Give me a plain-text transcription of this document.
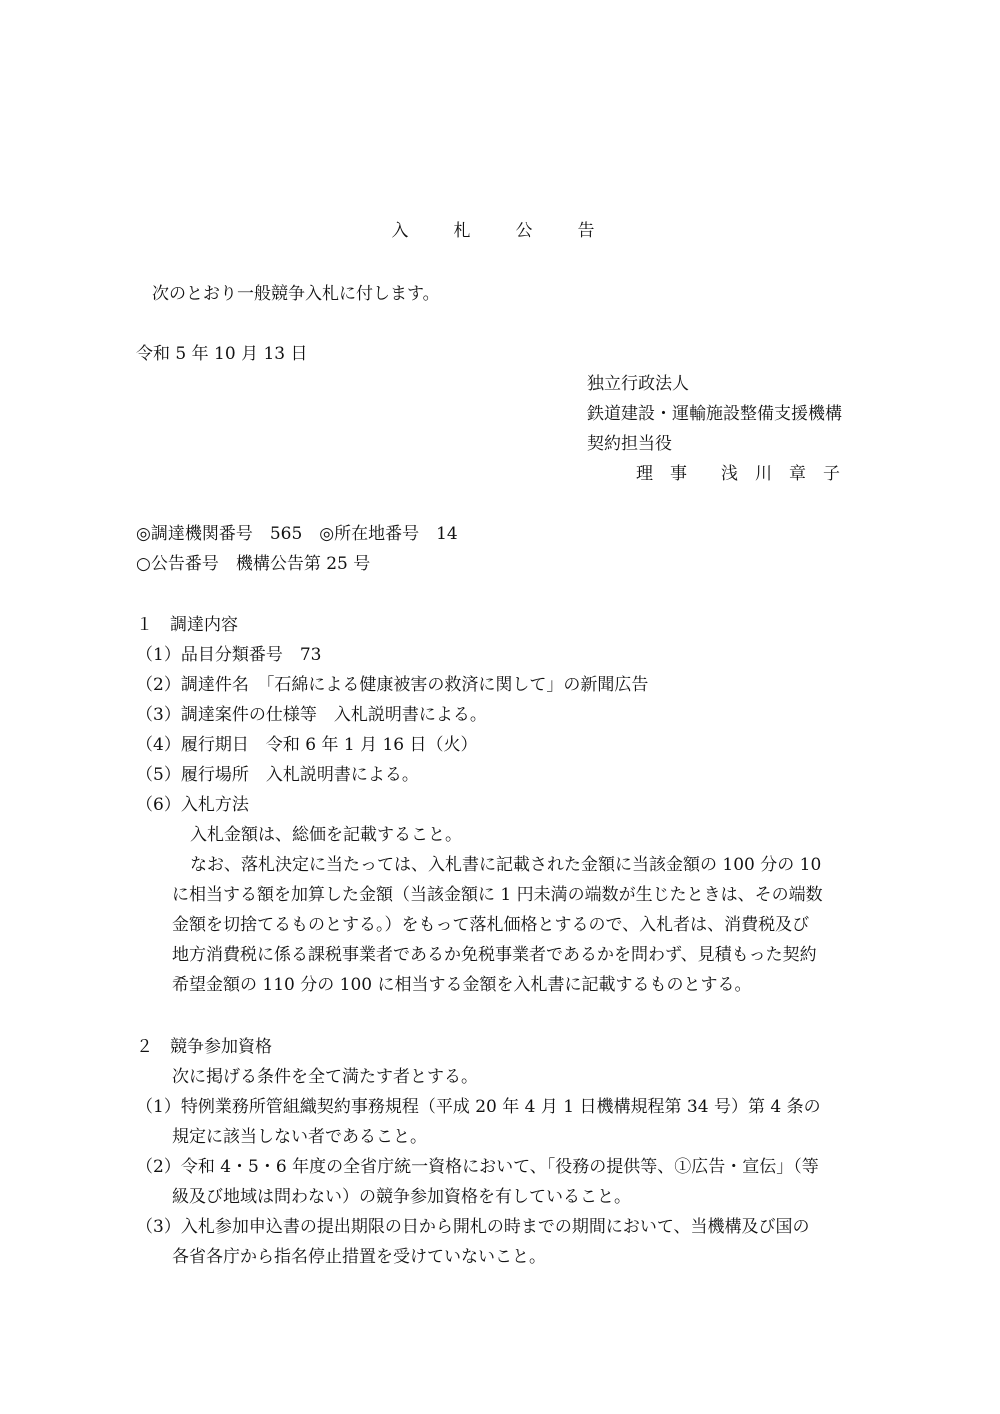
入　札　公　告
次のとおり一般競争入札に付します。
令和 5 年 10 月 13 日
独立行政法人
鉄道建設・運輸施設整備支援機構
契約担当役
理　事　　浅　川　章　子
◎調達機関番号　565　◎所在地番号　14
○公告番号　機構公告第 25 号
１　調達内容
（1）品目分類番号　73
（2）調達件名　「石綿による健康被害の救済に関して」の新聞広告
（3）調達案件の仕様等　入札説明書による。
（4）履行期日　令和 6 年 1 月 16 日（火）
（5）履行場所　入札説明書による。
（6）入札方法
入札金額は、総価を記載すること。
なお、落札決定に当たっては、入札書に記載された金額に当該金額の 100 分の 10
に相当する額を加算した金額（当該金額に 1 円未満の端数が生じたときは、その端数
金額を切捨てるものとする。）をもって落札価格とするので、入札者は、消費税及び
地方消費税に係る課税事業者であるか免税事業者であるかを問わず、見積もった契約
希望金額の 110 分の 100 に相当する金額を入札書に記載するものとする。
２　競争参加資格
次に掲げる条件を全て満たす者とする。
（1）特例業務所管組織契約事務規程（平成 20 年 4 月 1 日機構規程第 34 号）第 4 条の
規定に該当しない者であること。
（2）令和 4・5・6 年度の全省庁統一資格において、「役務の提供等、①広告・宣伝」（等
級及び地域は問わない）の競争参加資格を有していること。
（3）入札参加申込書の提出期限の日から開札の時までの期間において、当機構及び国の
各省各庁から指名停止措置を受けていないこと。
